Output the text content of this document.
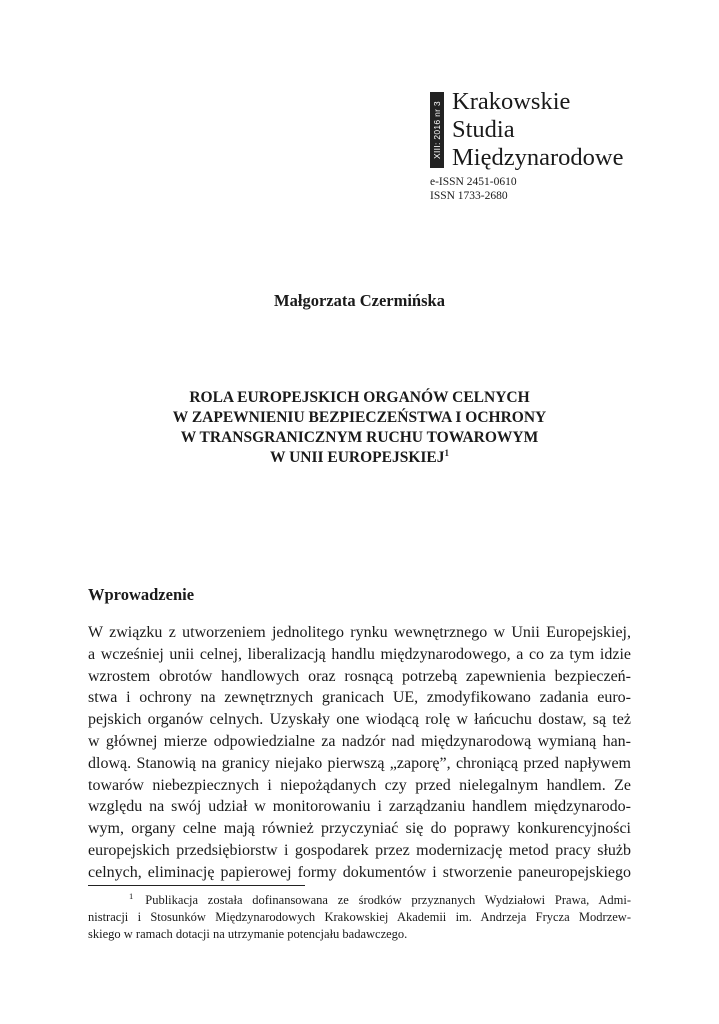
XIII: 2016 nr 3 Krakowskie
Studia
Międzynarodowe
e-ISSN 2451-0610
ISSN 1733-2680
Małgorzata Czermińska
ROLA EUROPEJSKICH ORGANÓW CELNYCH
W ZAPEWNIENIU BEZPIECZEŃSTWA I OCHRONY
W TRANSGRANICZNYM RUCHU TOWAROWYM
W UNII EUROPEJSKIEJ$^1$
Wprowadzenie
W związku z utworzeniem jednolitego rynku wewnętrznego w Unii Europejskiej,
a wcześniej unii celnej, liberalizacją handlu międzynarodowego, a co za tym idzie
wzrostem obrotów handlowych oraz rosnącą potrzebą zapewnienia bezpieczeń-
stwa i ochrony na zewnętrznych granicach UE, zmodyfikowano zadania euro-
pejskich organów celnych. Uzyskały one wiodącą rolę w łańcuchu dostaw, są też
w głównej mierze odpowiedzialne za nadzór nad międzynarodową wymianą han-
dlową. Stanowią na granicy niejako pierwszą „zaporę”, chroniącą przed napływem
towarów niebezpiecznych i niepożądanych czy przed nielegalnym handlem. Ze
względu na swój udział w monitorowaniu i zarządzaniu handlem międzynarodo-
wym, organy celne mają również przyczyniać się do poprawy konkurencyjności
europejskich przedsiębiorstw i gospodarek przez modernizację metod pracy służb
celnych, eliminację papierowej formy dokumentów i stworzenie paneuropejskiego
$^1$ Publikacja została dofinansowana ze środków przyznanych Wydziałowi Prawa, Admi-
nistracji i Stosunków Międzynarodowych Krakowskiej Akademii im. Andrzeja Frycza Modrzew-
skiego w ramach dotacji na utrzymanie potencjału badawczego.
